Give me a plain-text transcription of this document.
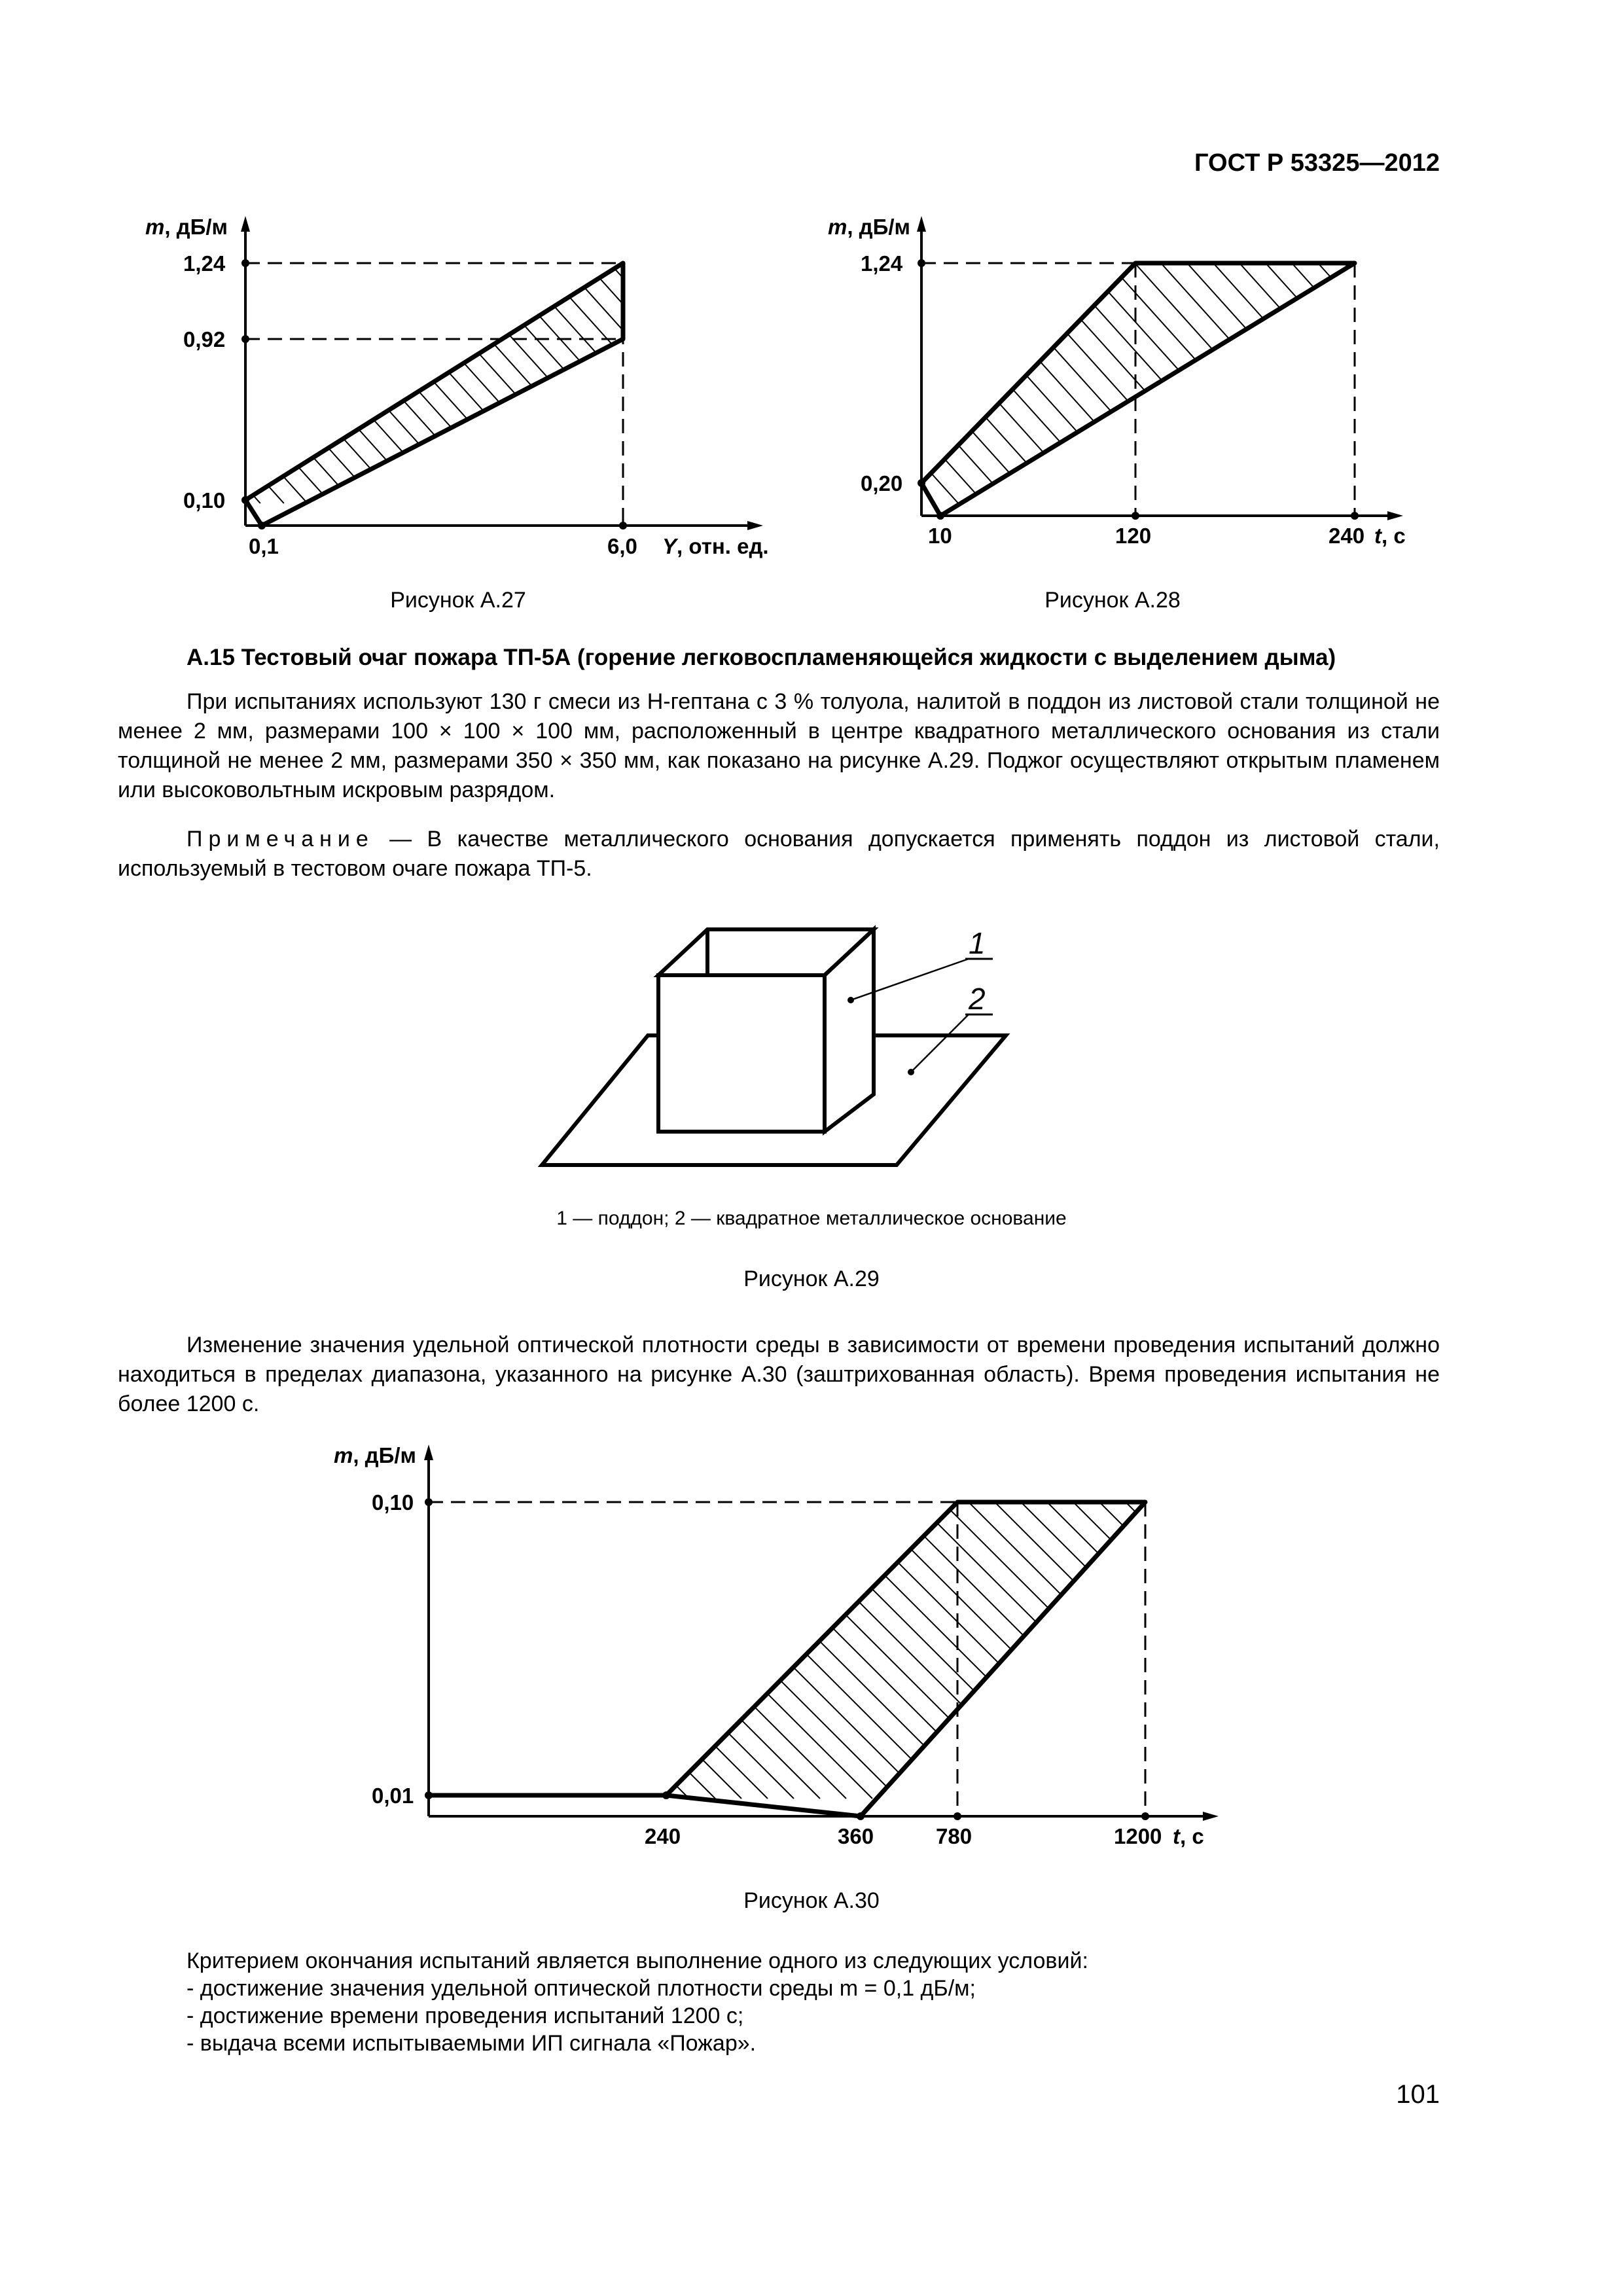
ГОСТ Р 53325—2012
m, дБ/м
1,24
0,92
0,10
0,1	6,0 Y, отн. ед.
Рисунок А.27
m, дБ/м
1,24
0,20
10	120	240 t, с
Рисунок А.28
А.15 Тестовый очаг пожара ТП-5А (горение легковоспламеняющейся жидкости с выделением дыма)
При испытаниях используют 130 г смеси из Н-гептана с 3 % толуола, налитой в поддон из листовой стали толщиной не менее 2 мм, размерами 100 × 100 × 100 мм, расположенный в центре квадратного металлического основания из стали толщиной не менее 2 мм, размерами 350 × 350 мм, как показано на рисунке А.29. Поджог осуществляют открытым пламенем или высоковольтным искровым разрядом.
Примечание — В качестве металлического основания допускается применять поддон из листовой стали, используемый в тестовом очаге пожара ТП-5.
1
2
1 — поддон; 2 — квадратное металлическое основание
Рисунок А.29
Изменение значения удельной оптической плотности среды в зависимости от времени проведения испытаний должно находиться в пределах диапазона, указанного на рисунке А.30 (заштрихованная область). Время проведения испытания не более 1200 с.
m, дБ/м
0,10
0,01
240	360	780	1200 t, с
Рисунок А.30
Критерием окончания испытаний является выполнение одного из следующих условий:
- достижение значения удельной оптической плотности среды m = 0,1 дБ/м;
- достижение времени проведения испытаний 1200 с;
- выдача всеми испытываемыми ИП сигнала «Пожар».
101
